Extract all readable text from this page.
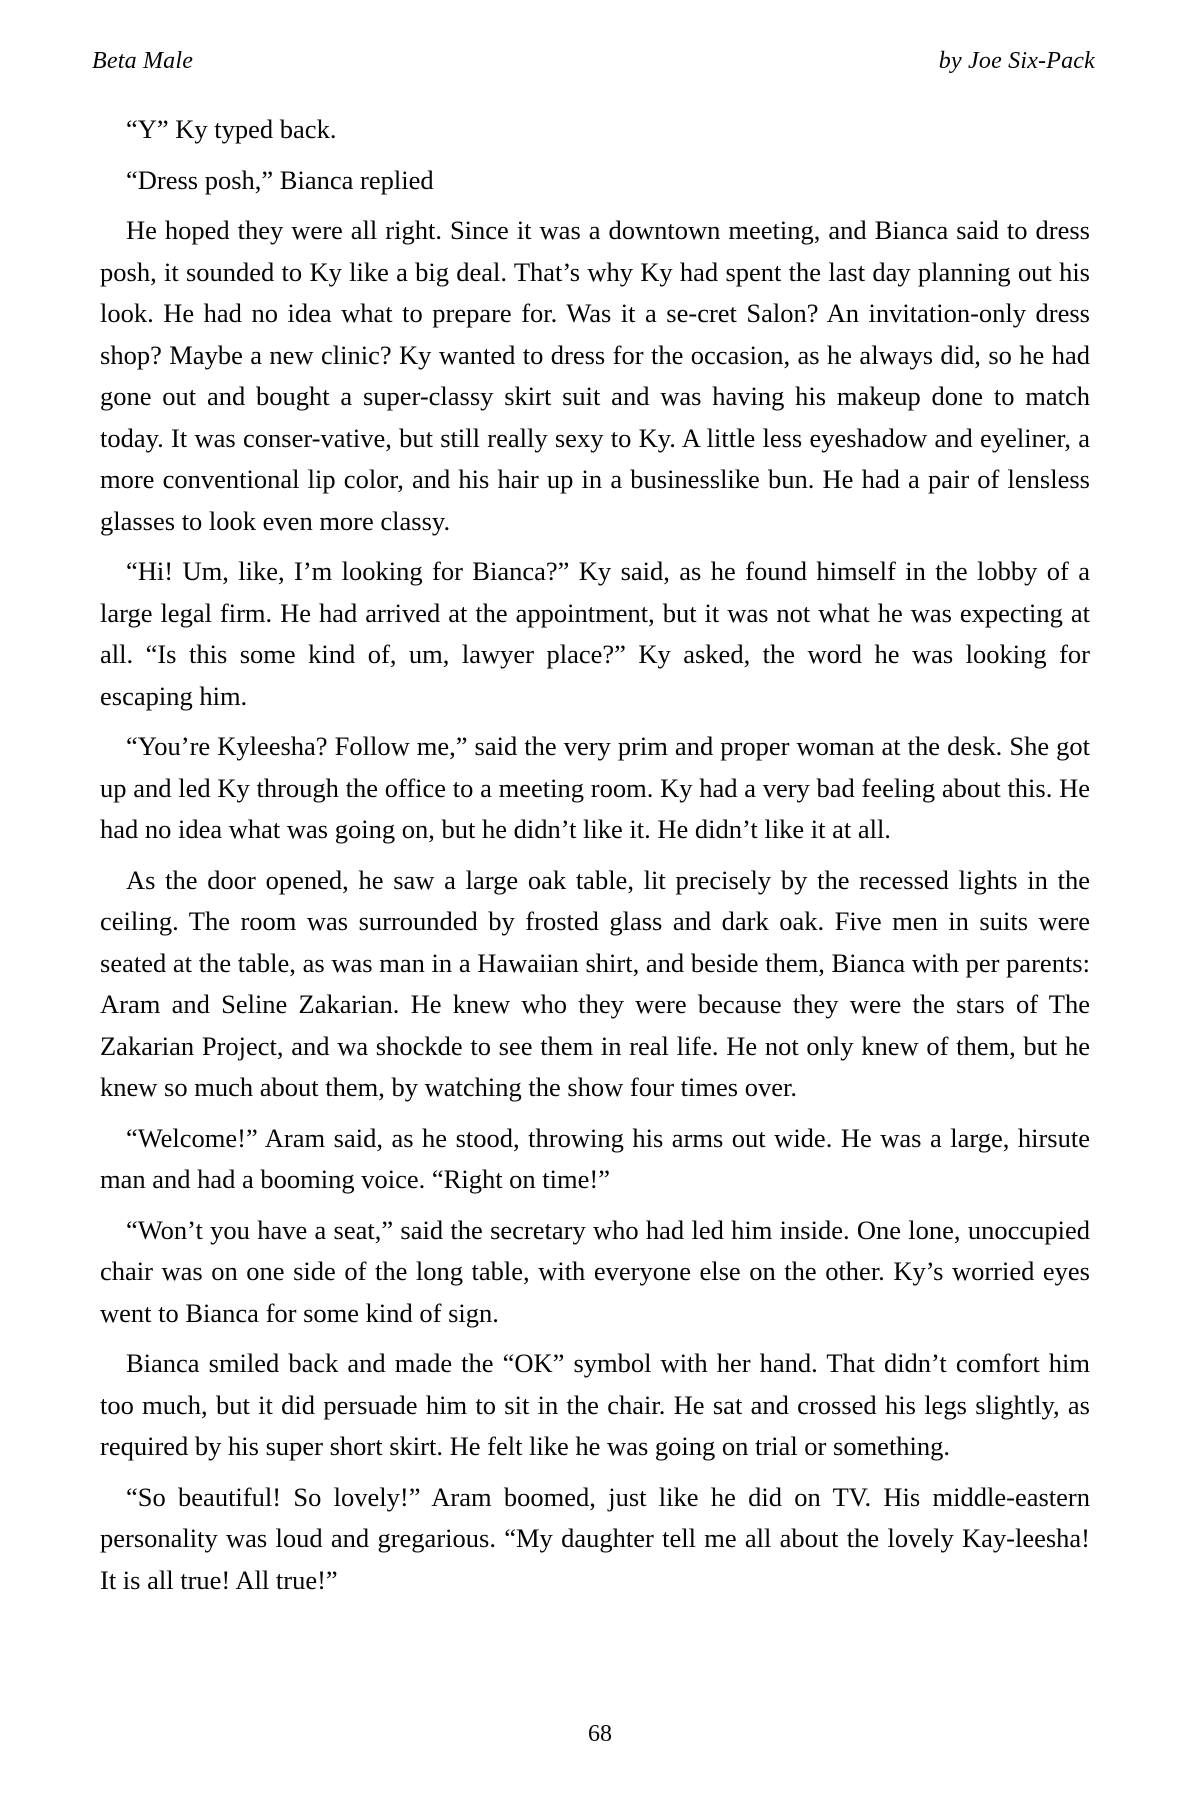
Beta Male	by Joe Six-Pack

“Y” Ky typed back.

“Dress posh,” Bianca replied

He hoped they were all right. Since it was a downtown meeting, and Bianca said to dress posh, it sounded to Ky like a big deal. That’s why Ky had spent the last day planning out his look. He had no idea what to prepare for. Was it a se-cret Salon? An invitation-only dress shop? Maybe a new clinic? Ky wanted to dress for the occasion, as he always did, so he had gone out and bought a super-classy skirt suit and was having his makeup done to match today. It was conser-vative, but still really sexy to Ky. A little less eyeshadow and eyeliner, a more conventional lip color, and his hair up in a businesslike bun. He had a pair of lensless glasses to look even more classy.

“Hi! Um, like, I’m looking for Bianca?” Ky said, as he found himself in the lobby of a large legal firm. He had arrived at the appointment, but it was not what he was expecting at all. “Is this some kind of, um, lawyer place?” Ky asked, the word he was looking for escaping him.

“You’re Kyleesha? Follow me,” said the very prim and proper woman at the desk. She got up and led Ky through the office to a meeting room. Ky had a very bad feeling about this. He had no idea what was going on, but he didn’t like it. He didn’t like it at all.

As the door opened, he saw a large oak table, lit precisely by the recessed lights in the ceiling. The room was surrounded by frosted glass and dark oak. Five men in suits were seated at the table, as was man in a Hawaiian shirt, and beside them, Bianca with per parents: Aram and Seline Zakarian. He knew who they were because they were the stars of The Zakarian Project, and wa shockde to see them in real life. He not only knew of them, but he knew so much about them, by watching the show four times over.

“Welcome!” Aram said, as he stood, throwing his arms out wide. He was a large, hirsute man and had a booming voice. “Right on time!”

“Won’t you have a seat,” said the secretary who had led him inside. One lone, unoccupied chair was on one side of the long table, with everyone else on the other. Ky’s worried eyes went to Bianca for some kind of sign.

Bianca smiled back and made the “OK” symbol with her hand. That didn’t comfort him too much, but it did persuade him to sit in the chair. He sat and crossed his legs slightly, as required by his super short skirt. He felt like he was going on trial or something.

“So beautiful! So lovely!” Aram boomed, just like he did on TV. His middle-eastern personality was loud and gregarious. “My daughter tell me all about the lovely Kay-leesha! It is all true! All true!”

68
